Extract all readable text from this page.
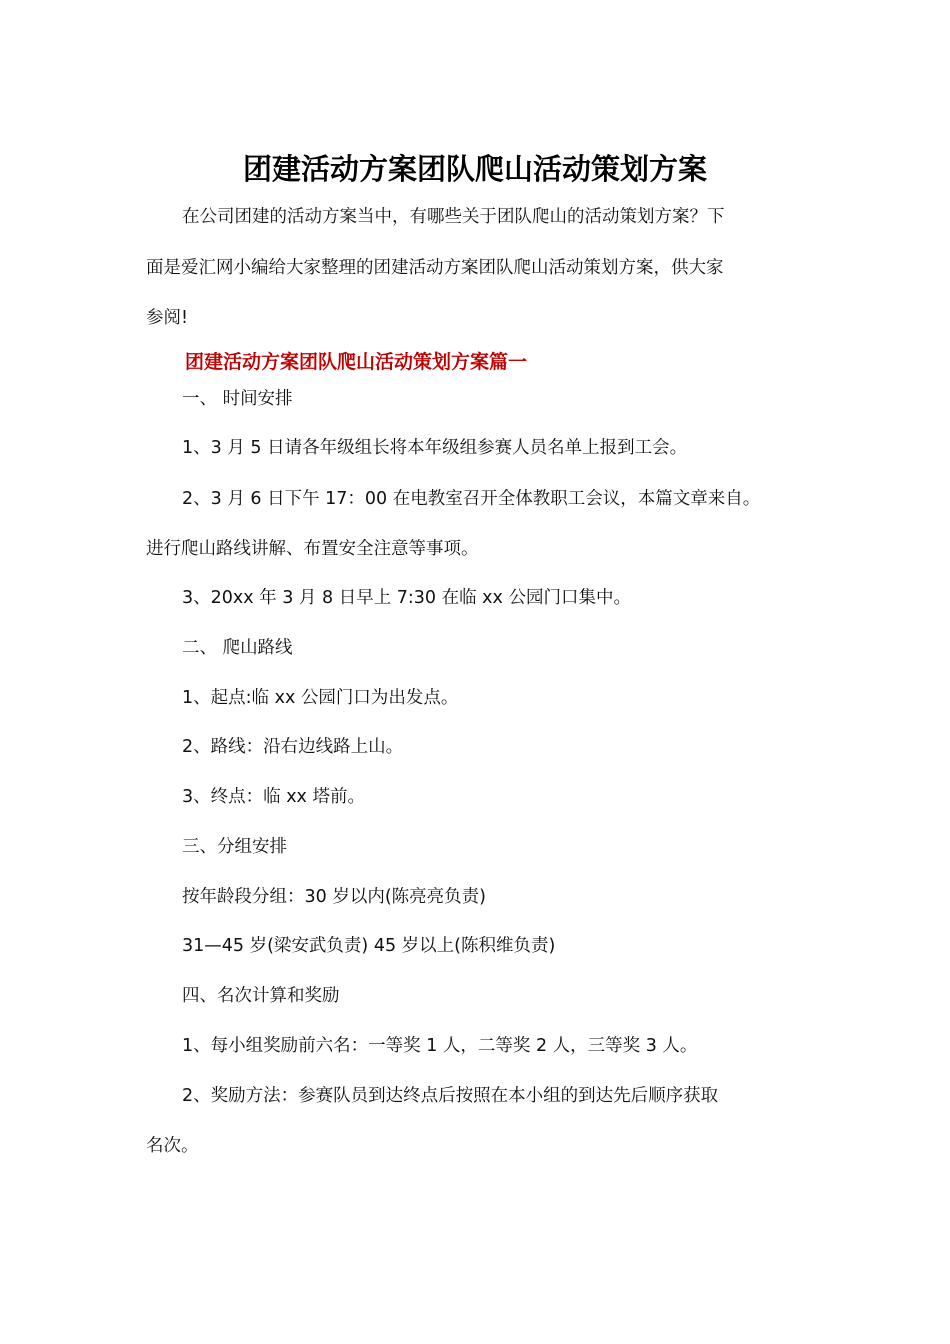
团建活动方案团队爬山活动策划方案
在公司团建的活动方案当中，有哪些关于团队爬山的活动策划方案？下
面是爱汇网小编给大家整理的团建活动方案团队爬山活动策划方案，供大家
参阅!
团建活动方案团队爬山活动策划方案篇一
一、 时间安排
1、3 月 5 日请各年级组长将本年级组参赛人员名单上报到工会。
2、3 月 6 日下午 17：00 在电教室召开全体教职工会议，本篇文章来自。
进行爬山路线讲解、布置安全注意等事项。
3、20xx 年 3 月 8 日早上 7:30 在临 xx 公园门口集中。
二、 爬山路线
1、起点:临 xx 公园门口为出发点。
2、路线：沿右边线路上山。
3、终点：临 xx 塔前。
三、分组安排
按年龄段分组：30 岁以内(陈亮亮负责)
31—45 岁(梁安武负责) 45 岁以上(陈积维负责)
四、名次计算和奖励
1、每小组奖励前六名：一等奖 1 人，二等奖 2 人，三等奖 3 人。
2、奖励方法：参赛队员到达终点后按照在本小组的到达先后顺序获取
名次。
